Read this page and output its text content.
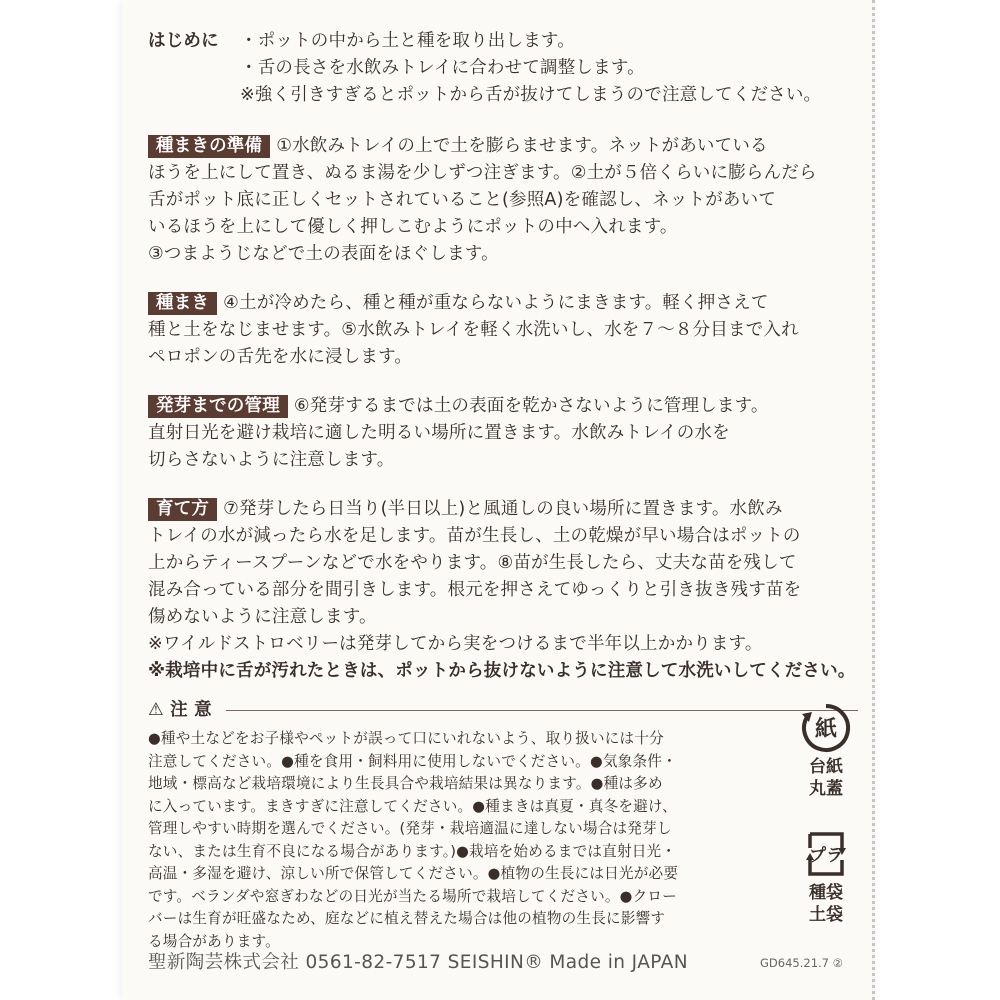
はじめに	・ポットの中から土と種を取り出します。
・舌の長さを水飲みトレイに合わせて調整します。
※強く引きすぎるとポットから舌が抜けてしまうので注意してください。

種まきの準備 ①水飲みトレイの上で土を膨らませます。ネットがあいている

ほうを上にして置き、ぬるま湯を少しずつ注ぎます。②土が５倍くらいに膨らんだら
舌がポット底に正しくセットされていること(参照A)を確認し、ネットがあいて
いるほうを上にして優しく押しこむようにポットの中へ入れます。
③つまようじなどで土の表面をほぐします。

種まき ④土が冷めたら、種と種が重ならないようにまきます。軽く押さえて

種と土をなじませます。⑤水飲みトレイを軽く水洗いし、水を７〜８分目まで入れ
ペロポンの舌先を水に浸します。

発芽までの管理 ⑥発芽するまでは土の表面を乾かさないように管理します。

直射日光を避け栽培に適した明るい場所に置きます。水飲みトレイの水を
切らさないように注意します。

育て方 ⑦発芽したら日当り(半日以上)と風通しの良い場所に置きます。水飲み

トレイの水が減ったら水を足します。苗が生長し、土の乾燥が早い場合はポットの
上からティースプーンなどで水をやります。⑧苗が生長したら、丈夫な苗を残して
混み合っている部分を間引きします。根元を押さえてゆっくりと引き抜き残す苗を
傷めないように注意します。
※ワイルドストロベリーは発芽してから実をつけるまで半年以上かかります。
※栽培中に舌が汚れたときは、ポットから抜けないように注意して水洗いしてください。
⚠ 注 意
●種や土などをお子様やペットが誤って口にいれないよう、取り扱いには十分
注意してください。●種を食用・飼料用に使用しないでください。●気象条件・
地域・標高など栽培環境により生長具合や栽培結果は異なります。●種は多め
に入っています。まきすぎに注意してください。●種まきは真夏・真冬を避け、
管理しやすい時期を選んでください。(発芽・栽培適温に達しない場合は発芽し
ない、または生育不良になる場合があります。)●栽培を始めるまでは直射日光・
高温・多湿を避け、涼しい所で保管してください。●植物の生長には日光が必要
です。ベランダや窓ぎわなどの日光が当たる場所で栽培してください。●クロー
バーは生育が旺盛なため、庭などに植え替えた場合は他の植物の生長に影響す
る場合があります。
紙
台紙
丸蓋
プラ
種袋
土袋
聖新陶芸株式会社 0561-82-7517 SEISHIN® Made in JAPAN	GD645.21.7 ②
